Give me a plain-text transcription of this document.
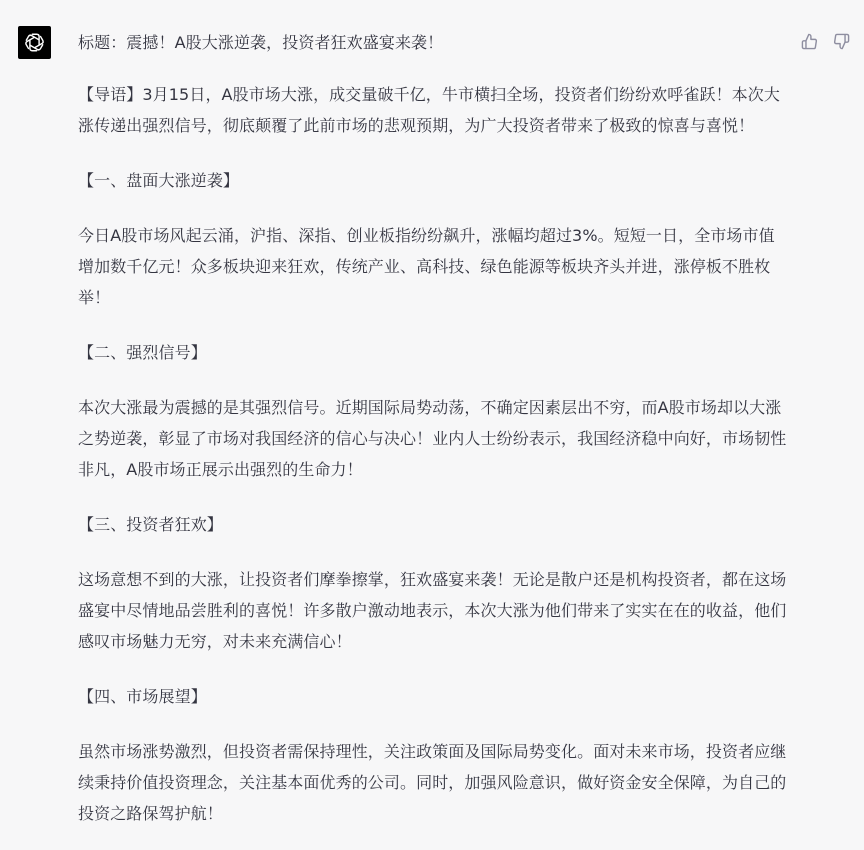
标题：震撼！A股大涨逆袭，投资者狂欢盛宴来袭！

【导语】3月15日，A股市场大涨，成交量破千亿，牛市横扫全场，投资者们纷纷欢呼雀跃！本次大涨传递出强烈信号，彻底颠覆了此前市场的悲观预期，为广大投资者带来了极致的惊喜与喜悦！

【一、盘面大涨逆袭】

今日A股市场风起云涌，沪指、深指、创业板指纷纷飙升，涨幅均超过3%。短短一日，全市场市值增加数千亿元！众多板块迎来狂欢，传统产业、高科技、绿色能源等板块齐头并进，涨停板不胜枚举！

【二、强烈信号】

本次大涨最为震撼的是其强烈信号。近期国际局势动荡，不确定因素层出不穷，而A股市场却以大涨之势逆袭，彰显了市场对我国经济的信心与决心！业内人士纷纷表示，我国经济稳中向好，市场韧性非凡，A股市场正展示出强烈的生命力！

【三、投资者狂欢】

这场意想不到的大涨，让投资者们摩拳擦掌，狂欢盛宴来袭！无论是散户还是机构投资者，都在这场盛宴中尽情地品尝胜利的喜悦！许多散户激动地表示，本次大涨为他们带来了实实在在的收益，他们感叹市场魅力无穷，对未来充满信心！

【四、市场展望】

虽然市场涨势激烈，但投资者需保持理性，关注政策面及国际局势变化。面对未来市场，投资者应继续秉持价值投资理念，关注基本面优秀的公司。同时，加强风险意识，做好资金安全保障，为自己的投资之路保驾护航！
